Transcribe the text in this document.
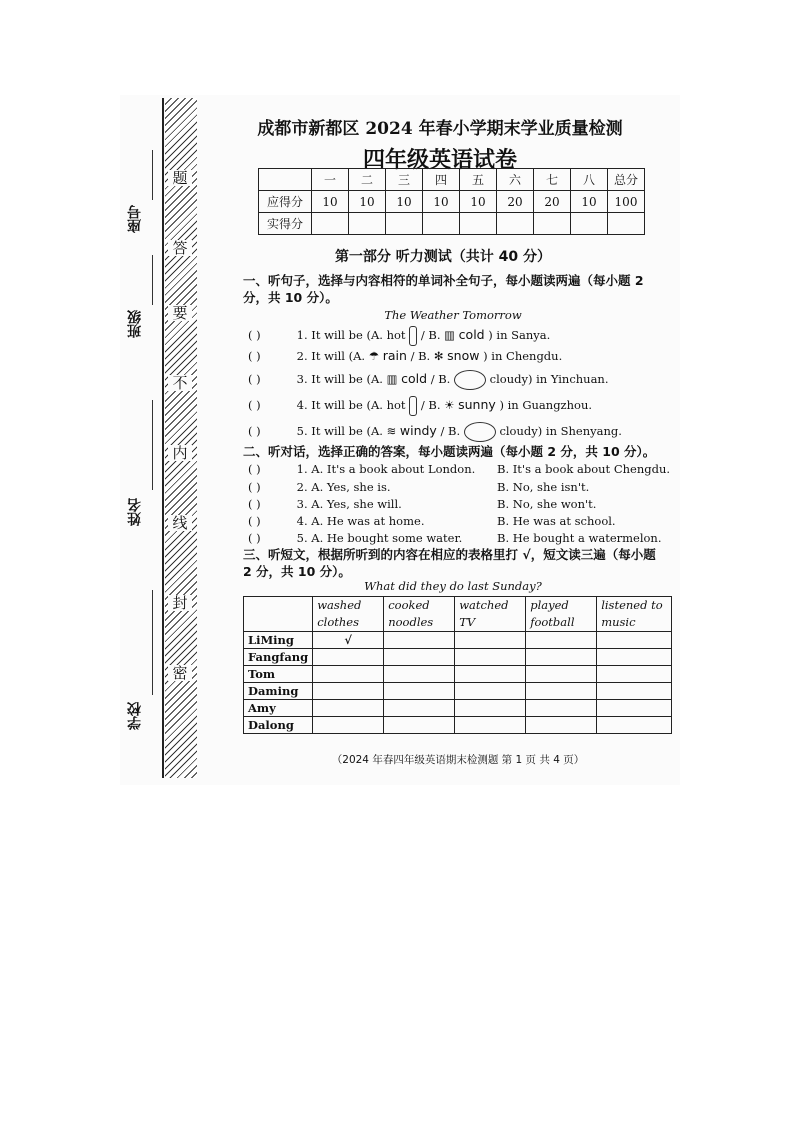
题
答
要
不
内
线
封
密
座号
班级
姓名
学校
成都市新都区 2024 年春小学期末学业质量检测
四年级英语试卷
	一	二	三	四	五	六	七	八	总分
应得分	10	10	10	10	10	20	20	10	100
实得分									
第一部分 听力测试（共计 40 分）
一、听句子，选择与内容相符的单词补全句子，每小题读两遍（每小题 2 分，共 10 分）。
The Weather Tomorrow
( )	1. It will be (A. hot / B. ▥ cold ) in Sanya.
( )	2. It will (A. ☂ rain / B. ✻ snow ) in Chengdu.
( )	3. It will be (A. ▥ cold / B.	cloudy) in Yinchuan.
( )	4. It will be (A. hot / B. ☀ sunny ) in Guangzhou.
( )	5. It will be (A. ≋ windy / B.	cloudy) in Shenyang.
二、听对话，选择正确的答案，每小题读两遍（每小题 2 分，共 10 分）。
( )	1. A. It's a book about London. B. It's a book about Chengdu.
( )	2. A. Yes, she is.	B. No, she isn't.
( )	3. A. Yes, she will.	B. No, she won't.
( )	4. A. He was at home.	B. He was at school.
( )	5. A. He bought some water.	B. He bought a watermelon.
三、听短文，根据所听到的内容在相应的表格里打 √，短文读三遍（每小题 2 分，共 10 分）。
What did they do last Sunday?
	washed clothes	cooked noodles	watched TV	played football	listened to music
LiMing	√				
Fangfang					
Tom					
Daming					
Amy					
Dalong					
（2024 年春四年级英语期末检测题 第 1 页 共 4 页）
